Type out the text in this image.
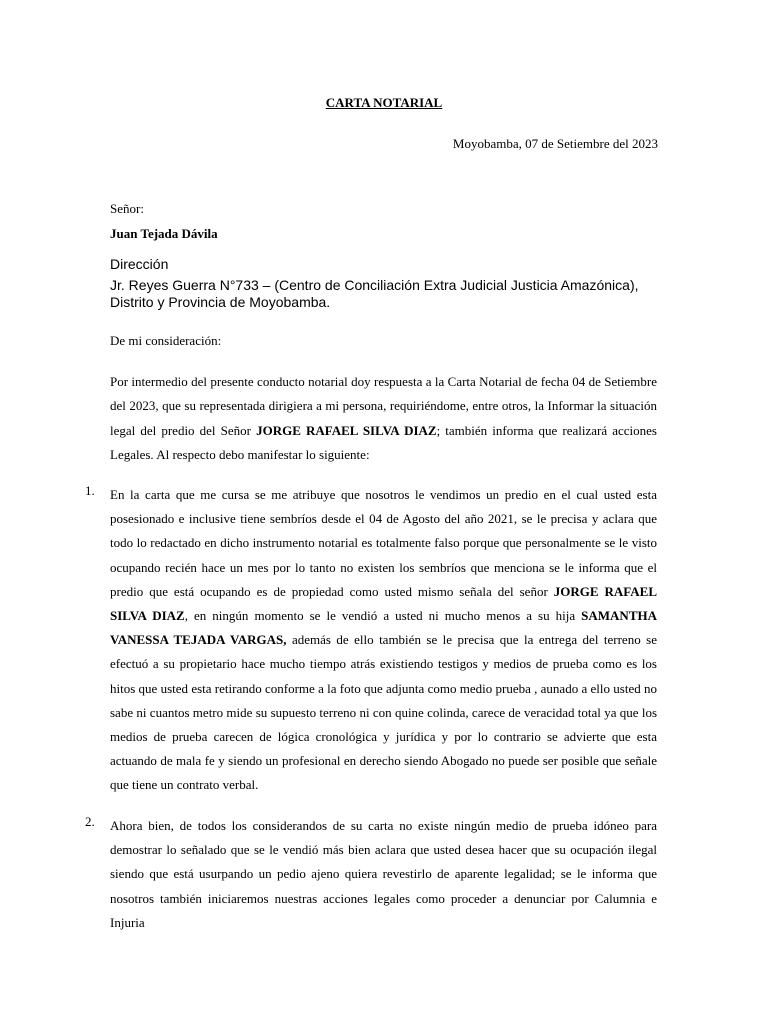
CARTA NOTARIAL
Moyobamba, 07 de Setiembre del 2023
Señor:
Juan Tejada Dávila
Dirección
Jr. Reyes Guerra N°733 – (Centro de Conciliación Extra Judicial Justicia Amazónica), Distrito y Provincia de Moyobamba.
De mi consideración:
Por intermedio del presente conducto notarial doy respuesta a la Carta Notarial de fecha 04 de Setiembre del 2023, que su representada dirigiera a mi persona, requiriéndome, entre otros, la Informar la situación legal del predio del Señor JORGE RAFAEL SILVA DIAZ; también informa que realizará acciones Legales. Al respecto debo manifestar lo siguiente:
1.	En la carta que me cursa se me atribuye que nosotros le vendimos un predio en el cual usted esta posesionado e inclusive tiene sembríos desde el 04 de Agosto del año 2021, se le precisa y aclara que todo lo redactado en dicho instrumento notarial es totalmente falso porque que personalmente se le visto ocupando recién hace un mes por lo tanto no existen los sembríos que menciona se le informa que el predio que está ocupando es de propiedad como usted mismo señala del señor JORGE RAFAEL SILVA DIAZ, en ningún momento se le vendió a usted ni mucho menos a su hija SAMANTHA VANESSA TEJADA VARGAS, además de ello también se le precisa que la entrega del terreno se efectuó a su propietario hace mucho tiempo atrás existiendo testigos y medios de prueba como es los hitos que usted esta retirando conforme a la foto que adjunta como medio prueba , aunado a ello usted no sabe ni cuantos metro mide su supuesto terreno ni con quine colinda, carece de veracidad total ya que los medios de prueba carecen de lógica cronológica y jurídica y por lo contrario se advierte que esta actuando de mala fe y siendo un profesional en derecho siendo Abogado no puede ser posible que señale que tiene un contrato verbal.
2.	Ahora bien, de todos los considerandos de su carta no existe ningún medio de prueba idóneo para demostrar lo señalado que se le vendió más bien aclara que usted desea hacer que su ocupación ilegal siendo que está usurpando un pedio ajeno quiera revestirlo de aparente legalidad; se le informa que nosotros también iniciaremos nuestras acciones legales como proceder a denunciar por Calumnia e Injuria
